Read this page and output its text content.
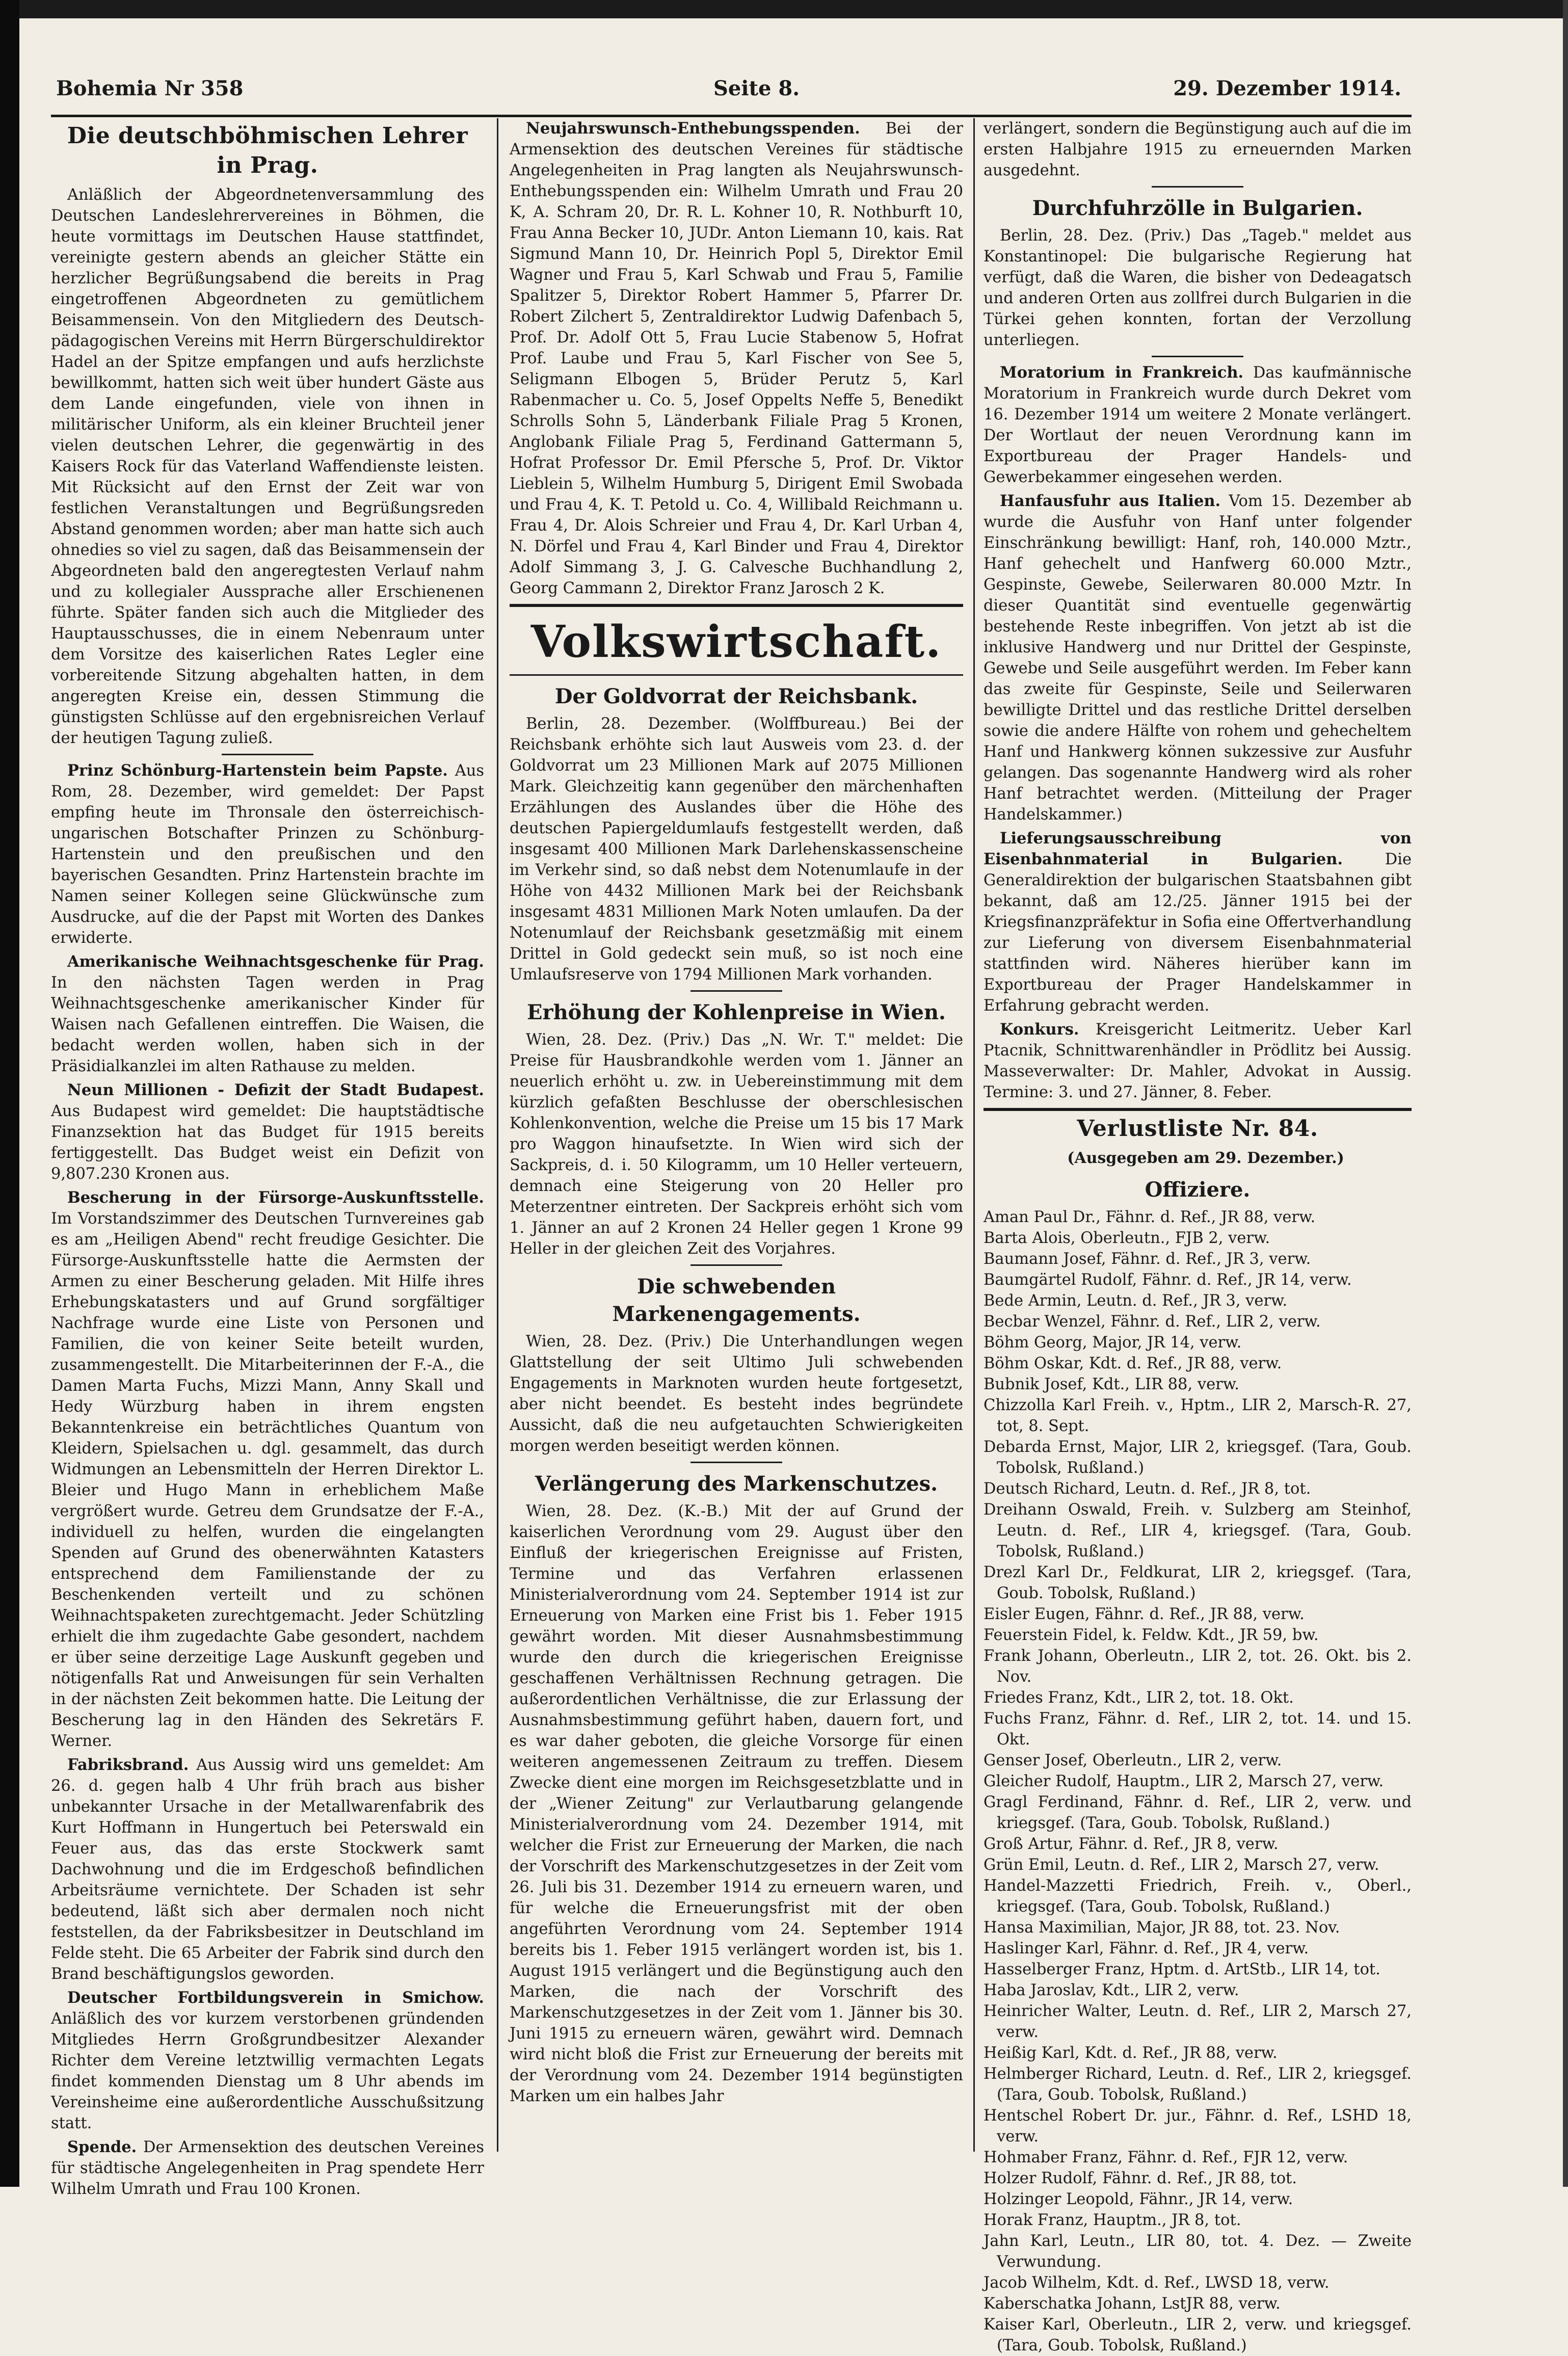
Bohemia Nr 358	Seite 8.	29. Dezember 1914.
Die deutschböhmischen Lehrer in Prag.

Anläßlich der Abgeordnetenversammlung des Deutschen Landeslehrervereines in Böhmen, die heute vormittags im Deutschen Hause stattfindet, vereinigte gestern abends an gleicher Stätte ein herzlicher Begrüßungsabend die bereits in Prag eingetroffenen Abgeordneten zu gemütlichem Beisammensein. Von den Mitgliedern des Deutsch-pädagogischen Vereins mit Herrn Bürgerschuldirektor Hadel an der Spitze empfangen und aufs herzlichste bewillkommt, hatten sich weit über hundert Gäste aus dem Lande eingefunden, viele von ihnen in militärischer Uniform, als ein kleiner Bruchteil jener vielen deutschen Lehrer, die gegenwärtig in des Kaisers Rock für das Vaterland Waffendienste leisten. Mit Rücksicht auf den Ernst der Zeit war von festlichen Veranstaltungen und Begrüßungsreden Abstand genommen worden; aber man hatte sich auch ohnedies so viel zu sagen, daß das Beisammensein der Abgeordneten bald den angeregtesten Verlauf nahm und zu kollegialer Aussprache aller Erschienenen führte. Später fanden sich auch die Mitglieder des Hauptausschusses, die in einem Nebenraum unter dem Vorsitze des kaiserlichen Rates Legler eine vorbereitende Sitzung abgehalten hatten, in dem angeregten Kreise ein, dessen Stimmung die günstigsten Schlüsse auf den ergebnisreichen Verlauf der heutigen Tagung zuließ.

Prinz Schönburg-Hartenstein beim Papste. Aus Rom, 28. Dezember, wird gemeldet: Der Papst empfing heute im Thronsale den österreichisch-ungarischen Botschafter Prinzen zu Schönburg-Hartenstein und den preußischen und den bayerischen Gesandten. Prinz Hartenstein brachte im Namen seiner Kollegen seine Glückwünsche zum Ausdrucke, auf die der Papst mit Worten des Dankes erwiderte.

Amerikanische Weihnachtsgeschenke für Prag. In den nächsten Tagen werden in Prag Weihnachtsgeschenke amerikanischer Kinder für Waisen nach Gefallenen eintreffen. Die Waisen, die bedacht werden wollen, haben sich in der Präsidialkanzlei im alten Rathause zu melden.

Neun Millionen - Defizit der Stadt Budapest. Aus Budapest wird gemeldet: Die hauptstädtische Finanzsektion hat das Budget für 1915 bereits fertiggestellt. Das Budget weist ein Defizit von 9,807.230 Kronen aus.

Bescherung in der Fürsorge-Auskunftsstelle. Im Vorstandszimmer des Deutschen Turnvereines gab es am „Heiligen Abend" recht freudige Gesichter. Die Fürsorge-Auskunftsstelle hatte die Aermsten der Armen zu einer Bescherung geladen. Mit Hilfe ihres Erhebungskatasters und auf Grund sorgfältiger Nachfrage wurde eine Liste von Personen und Familien, die von keiner Seite beteilt wurden, zusammengestellt. Die Mitarbeiterinnen der F.-A., die Damen Marta Fuchs, Mizzi Mann, Anny Skall und Hedy Würzburg haben in ihrem engsten Bekanntenkreise ein beträchtliches Quantum von Kleidern, Spielsachen u. dgl. gesammelt, das durch Widmungen an Lebensmitteln der Herren Direktor L. Bleier und Hugo Mann in erheblichem Maße vergrößert wurde. Getreu dem Grundsatze der F.-A., individuell zu helfen, wurden die eingelangten Spenden auf Grund des obenerwähnten Katasters entsprechend dem Familienstande der zu Beschenkenden verteilt und zu schönen Weihnachtspaketen zurechtgemacht. Jeder Schützling erhielt die ihm zugedachte Gabe gesondert, nachdem er über seine derzeitige Lage Auskunft gegeben und nötigenfalls Rat und Anweisungen für sein Verhalten in der nächsten Zeit bekommen hatte. Die Leitung der Bescherung lag in den Händen des Sekretärs F. Werner.

Fabriksbrand. Aus Aussig wird uns gemeldet: Am 26. d. gegen halb 4 Uhr früh brach aus bisher unbekannter Ursache in der Metallwarenfabrik des Kurt Hoffmann in Hungertuch bei Peterswald ein Feuer aus, das das erste Stockwerk samt Dachwohnung und die im Erdgeschoß befindlichen Arbeitsräume vernichtete. Der Schaden ist sehr bedeutend, läßt sich aber dermalen noch nicht feststellen, da der Fabriksbesitzer in Deutschland im Felde steht. Die 65 Arbeiter der Fabrik sind durch den Brand beschäftigungslos geworden.

Deutscher Fortbildungsverein in Smichow. Anläßlich des vor kurzem verstorbenen gründenden Mitgliedes Herrn Großgrundbesitzer Alexander Richter dem Vereine letztwillig vermachten Legats findet kommenden Dienstag um 8 Uhr abends im Vereinsheime eine außerordentliche Ausschußsitzung statt.

Spende. Der Armensektion des deutschen Vereines für städtische Angelegenheiten in Prag spendete Herr Wilhelm Umrath und Frau 100 Kronen.

Neujahrswunsch-Enthebungsspenden. Bei der Armensektion des deutschen Vereines für städtische Angelegenheiten in Prag langten als Neujahrswunsch-Enthebungsspenden ein: Wilhelm Umrath und Frau 20 K, A. Schram 20, Dr. R. L. Kohner 10, R. Nothburft 10, Frau Anna Becker 10, JUDr. Anton Liemann 10, kais. Rat Sigmund Mann 10, Dr. Heinrich Popl 5, Direktor Emil Wagner und Frau 5, Karl Schwab und Frau 5, Familie Spalitzer 5, Direktor Robert Hammer 5, Pfarrer Dr. Robert Zilchert 5, Zentraldirektor Ludwig Dafenbach 5, Prof. Dr. Adolf Ott 5, Frau Lucie Stabenow 5, Hofrat Prof. Laube und Frau 5, Karl Fischer von See 5, Seligmann Elbogen 5, Brüder Perutz 5, Karl Rabenmacher u. Co. 5, Josef Oppelts Neffe 5, Benedikt Schrolls Sohn 5, Länderbank Filiale Prag 5 Kronen, Anglobank Filiale Prag 5, Ferdinand Gattermann 5, Hofrat Professor Dr. Emil Pfersche 5, Prof. Dr. Viktor Lieblein 5, Wilhelm Humburg 5, Dirigent Emil Swobada und Frau 4, K. T. Petold u. Co. 4, Willibald Reichmann u. Frau 4, Dr. Alois Schreier und Frau 4, Dr. Karl Urban 4, N. Dörfel und Frau 4, Karl Binder und Frau 4, Direktor Adolf Simmang 3, J. G. Calvesche Buchhandlung 2, Georg Cammann 2, Direktor Franz Jarosch 2 K.

Volkswirtschaft.
Der Goldvorrat der Reichsbank.

Berlin, 28. Dezember. (Wolffbureau.) Bei der Reichsbank erhöhte sich laut Ausweis vom 23. d. der Goldvorrat um 23 Millionen Mark auf 2075 Millionen Mark. Gleichzeitig kann gegenüber den märchenhaften Erzählungen des Auslandes über die Höhe des deutschen Papiergeldumlaufs festgestellt werden, daß insgesamt 400 Millionen Mark Darlehenskassenscheine im Verkehr sind, so daß nebst dem Notenumlaufe in der Höhe von 4432 Millionen Mark bei der Reichsbank insgesamt 4831 Millionen Mark Noten umlaufen. Da der Notenumlauf der Reichsbank gesetzmäßig mit einem Drittel in Gold gedeckt sein muß, so ist noch eine Umlaufsreserve von 1794 Millionen Mark vorhanden.

Erhöhung der Kohlenpreise in Wien.

Wien, 28. Dez. (Priv.) Das „N. Wr. T." meldet: Die Preise für Hausbrandkohle werden vom 1. Jänner an neuerlich erhöht u. zw. in Uebereinstimmung mit dem kürzlich gefaßten Beschlusse der oberschlesischen Kohlenkonvention, welche die Preise um 15 bis 17 Mark pro Waggon hinaufsetzte. In Wien wird sich der Sackpreis, d. i. 50 Kilogramm, um 10 Heller verteuern, demnach eine Steigerung von 20 Heller pro Meterzentner eintreten. Der Sackpreis erhöht sich vom 1. Jänner an auf 2 Kronen 24 Heller gegen 1 Krone 99 Heller in der gleichen Zeit des Vorjahres.

Die schwebenden Markenengagements.

Wien, 28. Dez. (Priv.) Die Unterhandlungen wegen Glattstellung der seit Ultimo Juli schwebenden Engagements in Marknoten wurden heute fortgesetzt, aber nicht beendet. Es besteht indes begründete Aussicht, daß die neu aufgetauchten Schwierigkeiten morgen werden beseitigt werden können.

Verlängerung des Markenschutzes.

Wien, 28. Dez. (K.-B.) Mit der auf Grund der kaiserlichen Verordnung vom 29. August über den Einfluß der kriegerischen Ereignisse auf Fristen, Termine und das Verfahren erlassenen Ministerialverordnung vom 24. September 1914 ist zur Erneuerung von Marken eine Frist bis 1. Feber 1915 gewährt worden. Mit dieser Ausnahmsbestimmung wurde den durch die kriegerischen Ereignisse geschaffenen Verhältnissen Rechnung getragen. Die außerordentlichen Verhältnisse, die zur Erlassung der Ausnahmsbestimmung geführt haben, dauern fort, und es war daher geboten, die gleiche Vorsorge für einen weiteren angemessenen Zeitraum zu treffen. Diesem Zwecke dient eine morgen im Reichsgesetzblatte und in der „Wiener Zeitung" zur Verlautbarung gelangende Ministerialverordnung vom 24. Dezember 1914, mit welcher die Frist zur Erneuerung der Marken, die nach der Vorschrift des Markenschutzgesetzes in der Zeit vom 26. Juli bis 31. Dezember 1914 zu erneuern waren, und für welche die Erneuerungsfrist mit der oben angeführten Verordnung vom 24. September 1914 bereits bis 1. Feber 1915 verlängert worden ist, bis 1. August 1915 verlängert und die Begünstigung auch den Marken, die nach der Vorschrift des Markenschutzgesetzes in der Zeit vom 1. Jänner bis 30. Juni 1915 zu erneuern wären, gewährt wird. Demnach wird nicht bloß die Frist zur Erneuerung der bereits mit der Verordnung vom 24. Dezember 1914 begünstigten Marken um ein halbes Jahr

verlängert, sondern die Begünstigung auch auf die im ersten Halbjahre 1915 zu erneuernden Marken ausgedehnt.

Durchfuhrzölle in Bulgarien.

Berlin, 28. Dez. (Priv.) Das „Tageb." meldet aus Konstantinopel: Die bulgarische Regierung hat verfügt, daß die Waren, die bisher von Dedeagatsch und anderen Orten aus zollfrei durch Bulgarien in die Türkei gehen konnten, fortan der Verzollung unterliegen.

Moratorium in Frankreich. Das kaufmännische Moratorium in Frankreich wurde durch Dekret vom 16. Dezember 1914 um weitere 2 Monate verlängert. Der Wortlaut der neuen Verordnung kann im Exportbureau der Prager Handels- und Gewerbekammer eingesehen werden.

Hanfausfuhr aus Italien. Vom 15. Dezember ab wurde die Ausfuhr von Hanf unter folgender Einschränkung bewilligt: Hanf, roh, 140.000 Mztr., Hanf gehechelt und Hanfwerg 60.000 Mztr., Gespinste, Gewebe, Seilerwaren 80.000 Mztr. In dieser Quantität sind eventuelle gegenwärtig bestehende Reste inbegriffen. Von jetzt ab ist die inklusive Handwerg und nur Drittel der Gespinste, Gewebe und Seile ausgeführt werden. Im Feber kann das zweite für Gespinste, Seile und Seilerwaren bewilligte Drittel und das restliche Drittel derselben sowie die andere Hälfte von rohem und gehecheltem Hanf und Hankwerg können sukzessive zur Ausfuhr gelangen. Das sogenannte Handwerg wird als roher Hanf betrachtet werden. (Mitteilung der Prager Handelskammer.)

Lieferungsausschreibung von Eisenbahnmaterial in Bulgarien.	Die Generaldirektion der bulgarischen Staatsbahnen gibt bekannt, daß am 12./25. Jänner 1915 bei der Kriegsfinanzpräfektur in Sofia eine Offertverhandlung zur Lieferung von diversem Eisenbahnmaterial stattfinden wird. Näheres hierüber kann im Exportbureau der Prager Handelskammer in Erfahrung gebracht werden.

Konkurs. Kreisgericht Leitmeritz. Ueber Karl Ptacnik, Schnittwarenhändler in Prödlitz bei Aussig. Masseverwalter: Dr. Mahler, Advokat in Aussig. Termine: 3. und 27. Jänner, 8. Feber.

Verlustliste Nr. 84.

(Ausgegeben am 29. Dezember.)

Offiziere.

Aman Paul Dr., Fähnr. d. Ref., JR 88, verw.

Barta Alois, Oberleutn., FJB 2, verw.

Baumann Josef, Fähnr. d. Ref., JR 3, verw.

Baumgärtel Rudolf, Fähnr. d. Ref., JR 14, verw.

Bede Armin, Leutn. d. Ref., JR 3, verw.

Becbar Wenzel, Fähnr. d. Ref., LIR 2, verw.

Böhm Georg, Major, JR 14, verw.

Böhm Oskar, Kdt. d. Ref., JR 88, verw.

Bubnik Josef, Kdt., LIR 88, verw.

Chizzolla Karl Freih. v., Hptm., LIR 2, Marsch-R. 27, tot, 8. Sept.

Debarda Ernst, Major, LIR 2, kriegsgef. (Tara, Goub. Tobolsk, Rußland.)

Deutsch Richard, Leutn. d. Ref., JR 8, tot.

Dreihann Oswald, Freih. v. Sulzberg am Steinhof, Leutn. d. Ref., LIR 4, kriegsgef. (Tara, Goub. Tobolsk, Rußland.)

Drezl Karl Dr., Feldkurat, LIR 2, kriegsgef. (Tara, Goub. Tobolsk, Rußland.)

Eisler Eugen, Fähnr. d. Ref., JR 88, verw.

Feuerstein Fidel, k. Feldw. Kdt., JR 59, bw.

Frank Johann, Oberleutn., LIR 2, tot. 26. Okt. bis 2. Nov.

Friedes Franz, Kdt., LIR 2, tot. 18. Okt.

Fuchs Franz, Fähnr. d. Ref., LIR 2, tot. 14. und 15. Okt.

Genser Josef, Oberleutn., LIR 2, verw.

Gleicher Rudolf, Hauptm., LIR 2, Marsch 27, verw.

Gragl Ferdinand, Fähnr. d. Ref., LIR 2, verw. und kriegsgef. (Tara, Goub. Tobolsk, Rußland.)

Groß Artur, Fähnr. d. Ref., JR 8, verw.

Grün Emil, Leutn. d. Ref., LIR 2, Marsch 27, verw.

Handel-Mazzetti Friedrich, Freih. v., Oberl., kriegsgef. (Tara, Goub. Tobolsk, Rußland.)

Hansa Maximilian, Major, JR 88, tot. 23. Nov.

Haslinger Karl, Fähnr. d. Ref., JR 4, verw.

Hasselberger Franz, Hptm. d. ArtStb., LIR 14, tot.

Haba Jaroslav, Kdt., LIR 2, verw.

Heinricher Walter, Leutn. d. Ref., LIR 2, Marsch 27, verw.

Heißig Karl, Kdt. d. Ref., JR 88, verw.

Helmberger Richard, Leutn. d. Ref., LIR 2, kriegsgef. (Tara, Goub. Tobolsk, Rußland.)

Hentschel Robert Dr. jur., Fähnr. d. Ref., LSHD 18, verw.

Hohmaber Franz, Fähnr. d. Ref., FJR 12, verw.

Holzer Rudolf, Fähnr. d. Ref., JR 88, tot.

Holzinger Leopold, Fähnr., JR 14, verw.

Horak Franz, Hauptm., JR 8, tot.

Jahn Karl, Leutn., LIR 80, tot. 4. Dez. — Zweite Verwundung.

Jacob Wilhelm, Kdt. d. Ref., LWSD 18, verw.

Kaberschatka Johann, LstJR 88, verw.

Kaiser Karl, Oberleutn., LIR 2, verw. und kriegsgef. (Tara, Goub. Tobolsk, Rußland.)
